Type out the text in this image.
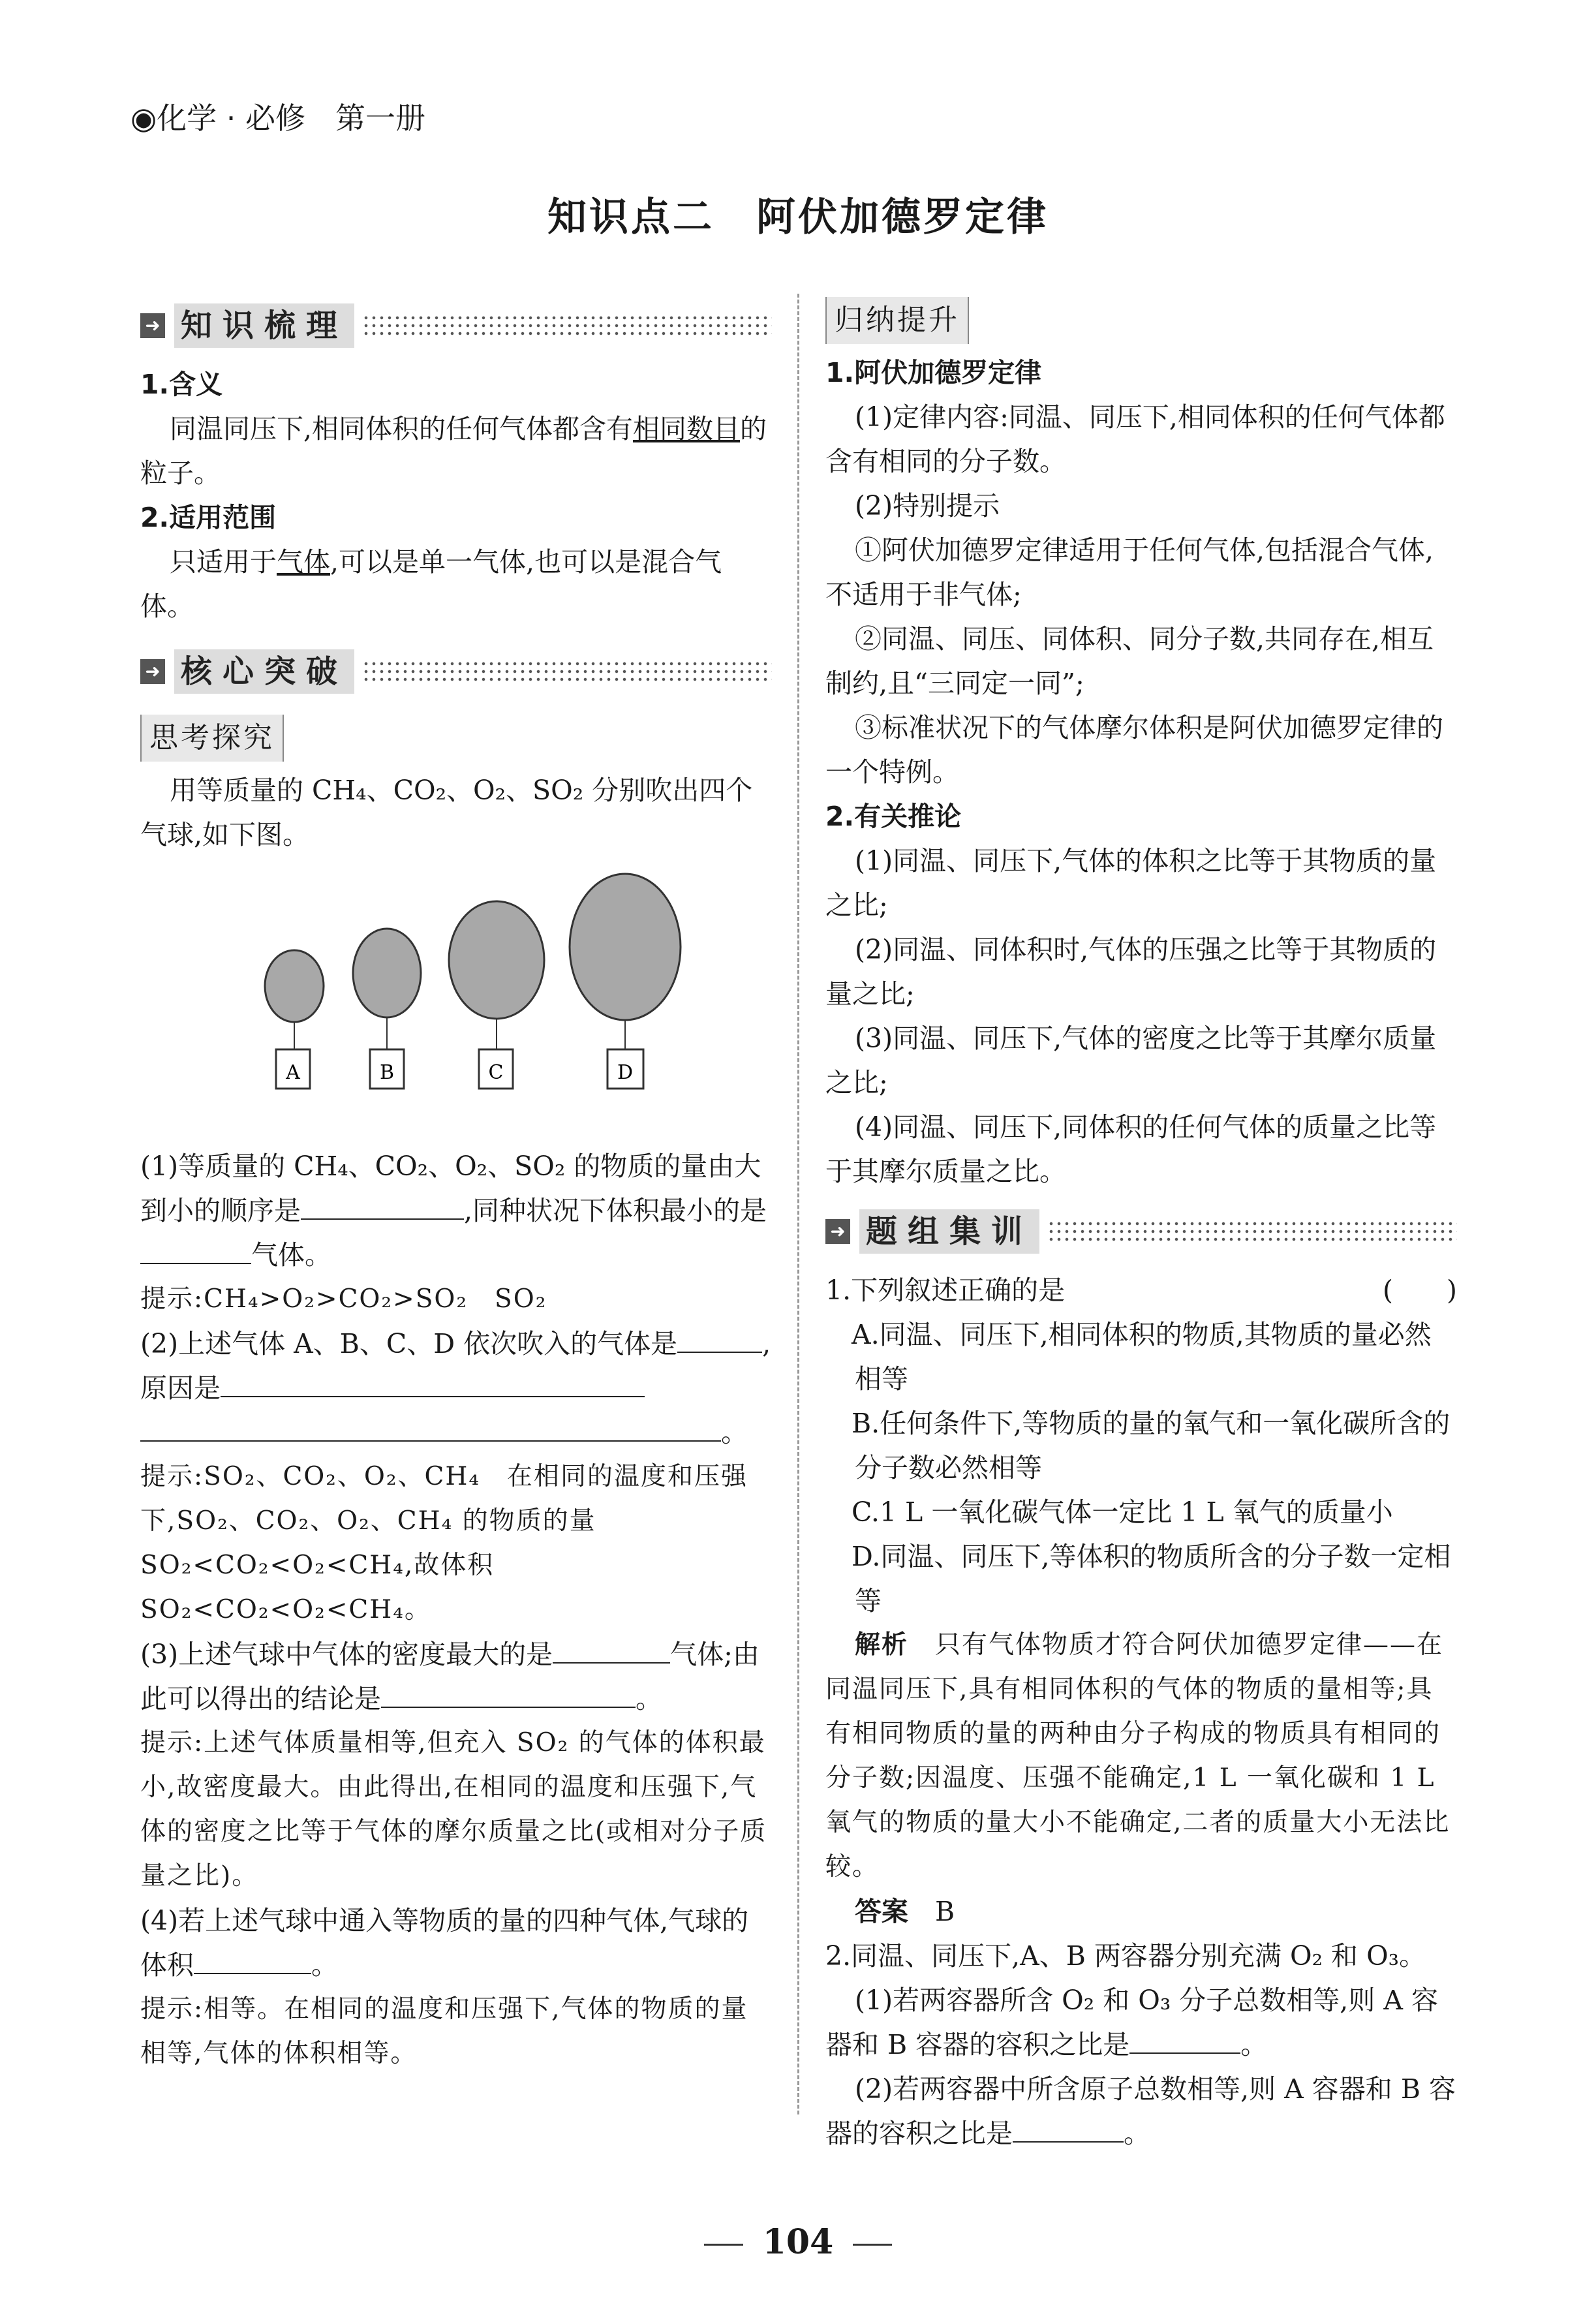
◉化学 · 必修　第一册
知识点二　阿伏加德罗定律
➜ 知识梳理

1.含义

同温同压下,相同体积的任何气体都含有相同数目的粒子。

2.适用范围

只适用于气体,可以是单一气体,也可以是混合气体。

➜ 核心突破
思考探究

用等质量的 CH₄、CO₂、O₂、SO₂ 分别吹出四个气球,如下图。

A	B	C	D

(1)等质量的 CH₄、CO₂、O₂、SO₂ 的物质的量由大到小的顺序是	,同种状况下体积最小的是气体。

提示:CH₄>O₂>CO₂>SO₂　SO₂

(2)上述气体 A、B、C、D 依次吹入的气体是	,原因是
。

提示:SO₂、CO₂、O₂、CH₄　在相同的温度和压强下,SO₂、CO₂、O₂、CH₄ 的物质的量 SO₂<CO₂<O₂<CH₄,故体积 SO₂<CO₂<O₂<CH₄。

(3)上述气球中气体的密度最大的是	气体;由此可以得出的结论是	。

提示:上述气体质量相等,但充入 SO₂ 的气体的体积最小,故密度最大。由此得出,在相同的温度和压强下,气体的密度之比等于气体的摩尔质量之比(或相对分子质量之比)。

(4)若上述气球中通入等物质的量的四种气体,气球的体积	。

提示:相等。在相同的温度和压强下,气体的物质的量相等,气体的体积相等。

归纳提升

1.阿伏加德罗定律

(1)定律内容:同温、同压下,相同体积的任何气体都含有相同的分子数。

(2)特别提示

①阿伏加德罗定律适用于任何气体,包括混合气体,不适用于非气体;

②同温、同压、同体积、同分子数,共同存在,相互制约,且“三同定一同”;

③标准状况下的气体摩尔体积是阿伏加德罗定律的一个特例。

2.有关推论

(1)同温、同压下,气体的体积之比等于其物质的量之比;

(2)同温、同体积时,气体的压强之比等于其物质的量之比;

(3)同温、同压下,气体的密度之比等于其摩尔质量之比;

(4)同温、同压下,同体积的任何气体的质量之比等于其摩尔质量之比。

➜ 题组集训

1.下列叙述正确的是	(　　)

A.同温、同压下,相同体积的物质,其物质的量必然相等

B.任何条件下,等物质的量的氧气和一氧化碳所含的分子数必然相等

C.1 L 一氧化碳气体一定比 1 L 氧气的质量小

D.同温、同压下,等体积的物质所含的分子数一定相等

解析　 只有气体物质才符合阿伏加德罗定律——在同温同压下,具有相同体积的气体的物质的量相等;具有相同物质的量的两种由分子构成的物质具有相同的分子数;因温度、压强不能确定,1 L 一氧化碳和 1 L 氧气的物质的量大小不能确定,二者的质量大小无法比较。

答案　 B

2.同温、同压下,A、B 两容器分别充满 O₂ 和 O₃。

(1)若两容器所含 O₂ 和 O₃ 分子总数相等,则 A 容器和 B 容器的容积之比是	。

(2)若两容器中所含原子总数相等,则 A 容器和 B 容器的容积之比是	。

104
